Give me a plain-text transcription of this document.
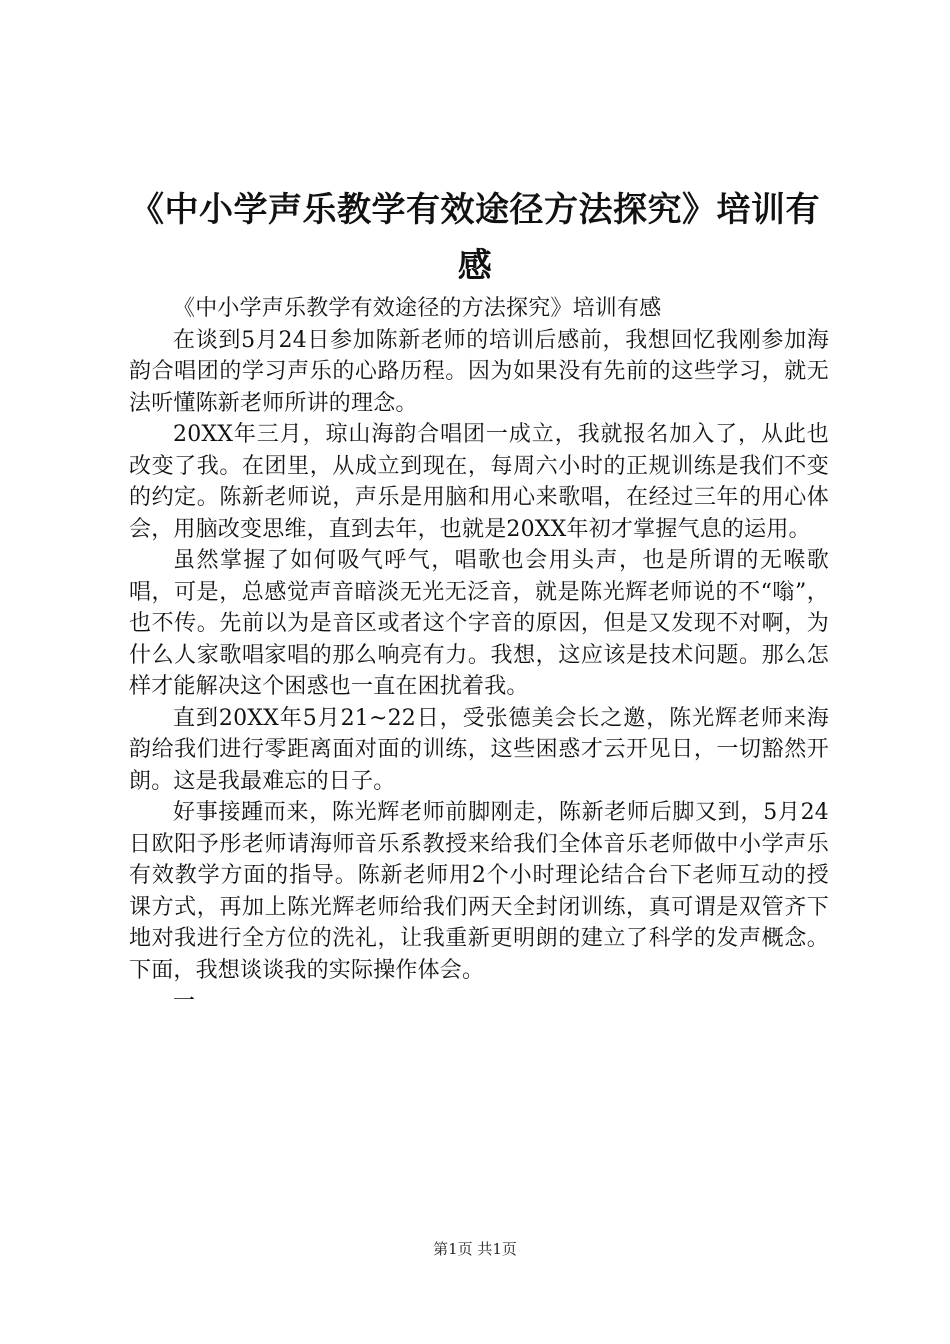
《中小学声乐教学有效途径方法探究》培训有感

《中小学声乐教学有效途径的方法探究》培训有感

在谈到5月24日参加陈新老师的培训后感前，我想回忆我刚参加海韵合唱团的学习声乐的心路历程。因为如果没有先前的这些学习，就无法听懂陈新老师所讲的理念。

20XX年三月，琼山海韵合唱团一成立，我就报名加入了，从此也改变了我。在团里，从成立到现在，每周六小时的正规训练是我们不变的约定。陈新老师说，声乐是用脑和用心来歌唱，在经过三年的用心体会，用脑改变思维，直到去年，也就是20XX年初才掌握气息的运用。

虽然掌握了如何吸气呼气，唱歌也会用头声，也是所谓的无喉歌唱，可是，总感觉声音暗淡无光无泛音，就是陈光辉老师说的不“嗡”，也不传。先前以为是音区或者这个字音的原因，但是又发现不对啊，为什么人家歌唱家唱的那么响亮有力。我想，这应该是技术问题。那么怎样才能解决这个困惑也一直在困扰着我。

直到20XX年5月21~22日，受张德美会长之邀，陈光辉老师来海韵给我们进行零距离面对面的训练，这些困惑才云开见日，一切豁然开朗。这是我最难忘的日子。

好事接踵而来，陈光辉老师前脚刚走，陈新老师后脚又到，5月24日欧阳予彤老师请海师音乐系教授来给我们全体音乐老师做中小学声乐有效教学方面的指导。陈新老师用2个小时理论结合台下老师互动的授课方式，再加上陈光辉老师给我们两天全封闭训练，真可谓是双管齐下地对我进行全方位的洗礼，让我重新更明朗的建立了科学的发声概念。下面，我想谈谈我的实际操作体会。

一

第1页 共1页
